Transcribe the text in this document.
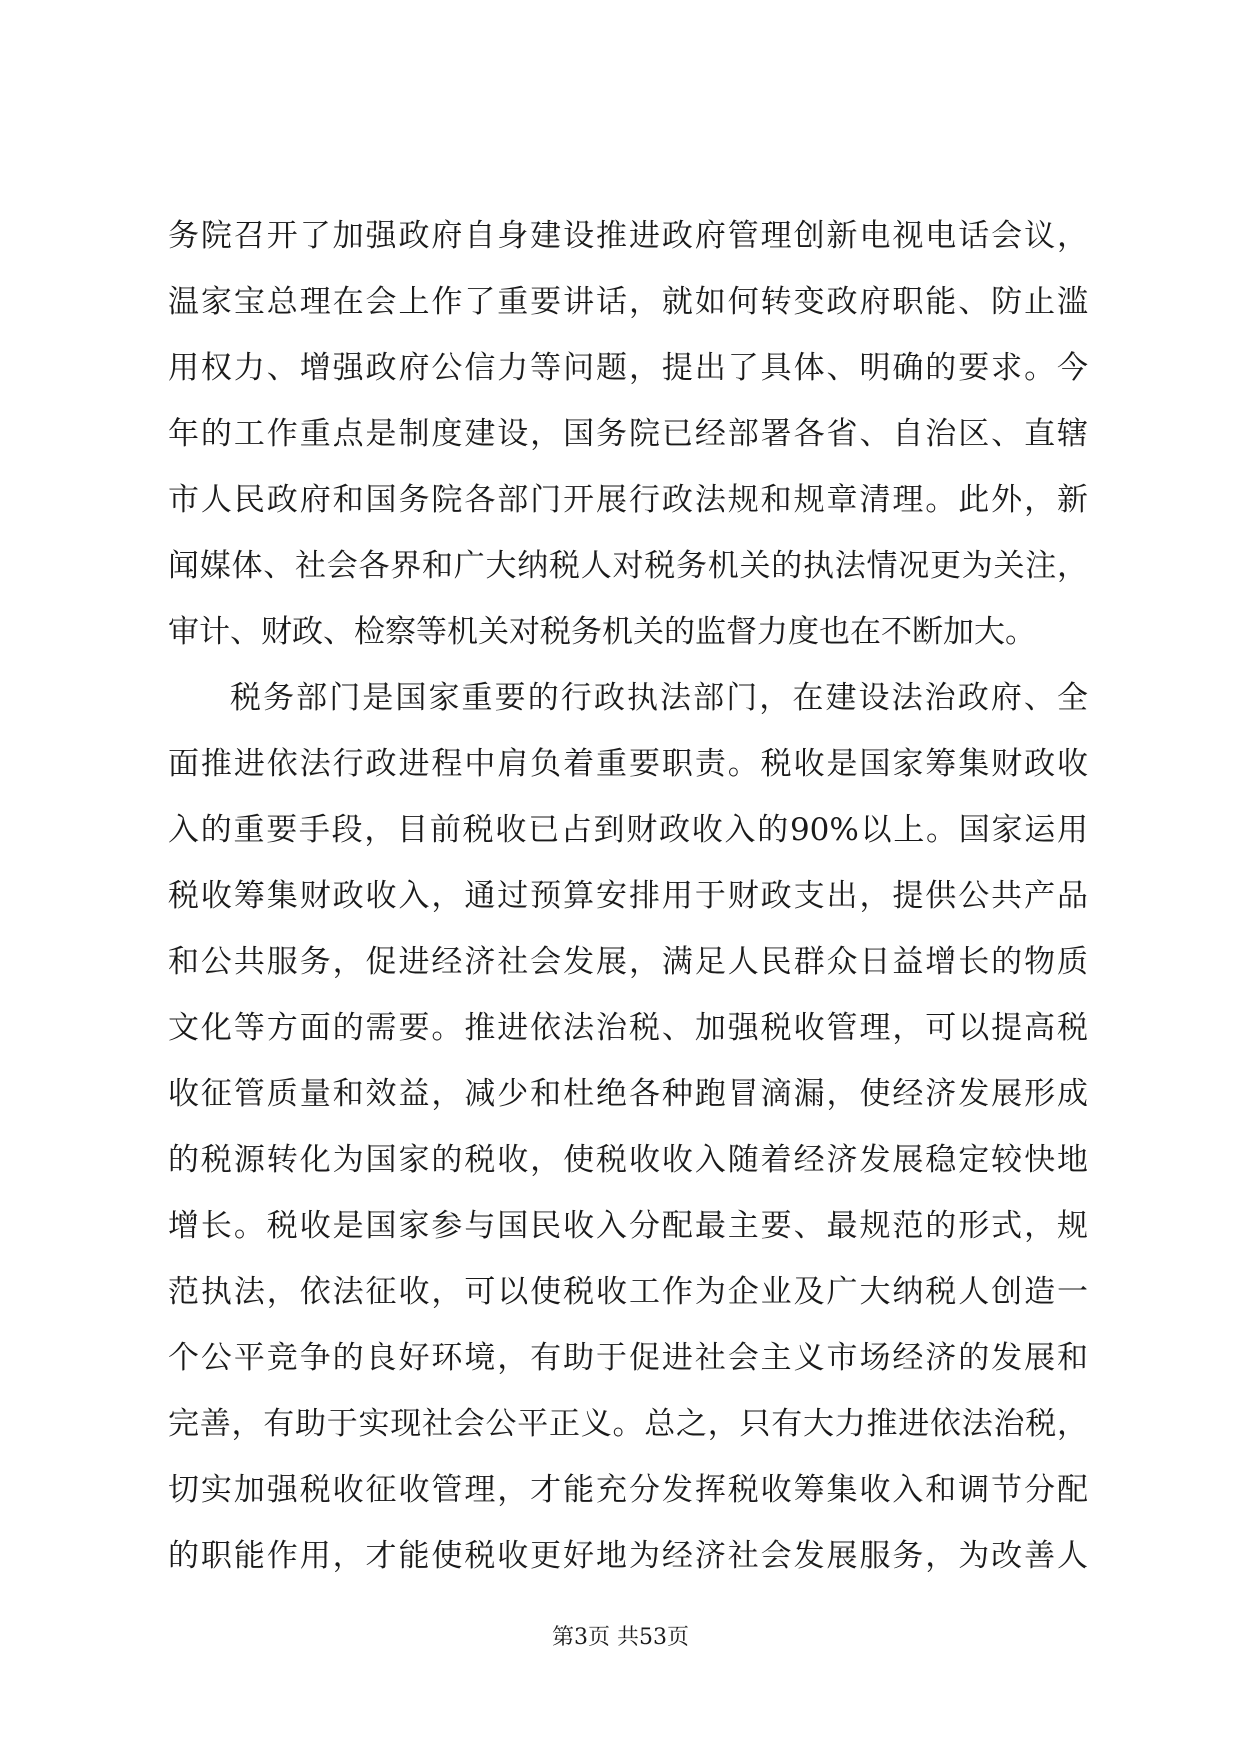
务院召开了加强政府自身建设推进政府管理创新电视电话会议，
温家宝总理在会上作了重要讲话，就如何转变政府职能、防止滥
用权力、增强政府公信力等问题，提出了具体、明确的要求。今
年的工作重点是制度建设，国务院已经部署各省、自治区、直辖
市人民政府和国务院各部门开展行政法规和规章清理。此外，新
闻媒体、社会各界和广大纳税人对税务机关的执法情况更为关注，
审计、财政、检察等机关对税务机关的监督力度也在不断加大。
税务部门是国家重要的行政执法部门，在建设法治政府、全
面推进依法行政进程中肩负着重要职责。税收是国家筹集财政收
入的重要手段，目前税收已占到财政收入的90%以上。国家运用
税收筹集财政收入，通过预算安排用于财政支出，提供公共产品
和公共服务，促进经济社会发展，满足人民群众日益增长的物质
文化等方面的需要。推进依法治税、加强税收管理，可以提高税
收征管质量和效益，减少和杜绝各种跑冒滴漏，使经济发展形成
的税源转化为国家的税收，使税收收入随着经济发展稳定较快地
增长。税收是国家参与国民收入分配最主要、最规范的形式，规
范执法，依法征收，可以使税收工作为企业及广大纳税人创造一
个公平竞争的良好环境，有助于促进社会主义市场经济的发展和
完善，有助于实现社会公平正义。总之，只有大力推进依法治税，
切实加强税收征收管理，才能充分发挥税收筹集收入和调节分配
的职能作用，才能使税收更好地为经济社会发展服务，为改善人
第3页 共53页
